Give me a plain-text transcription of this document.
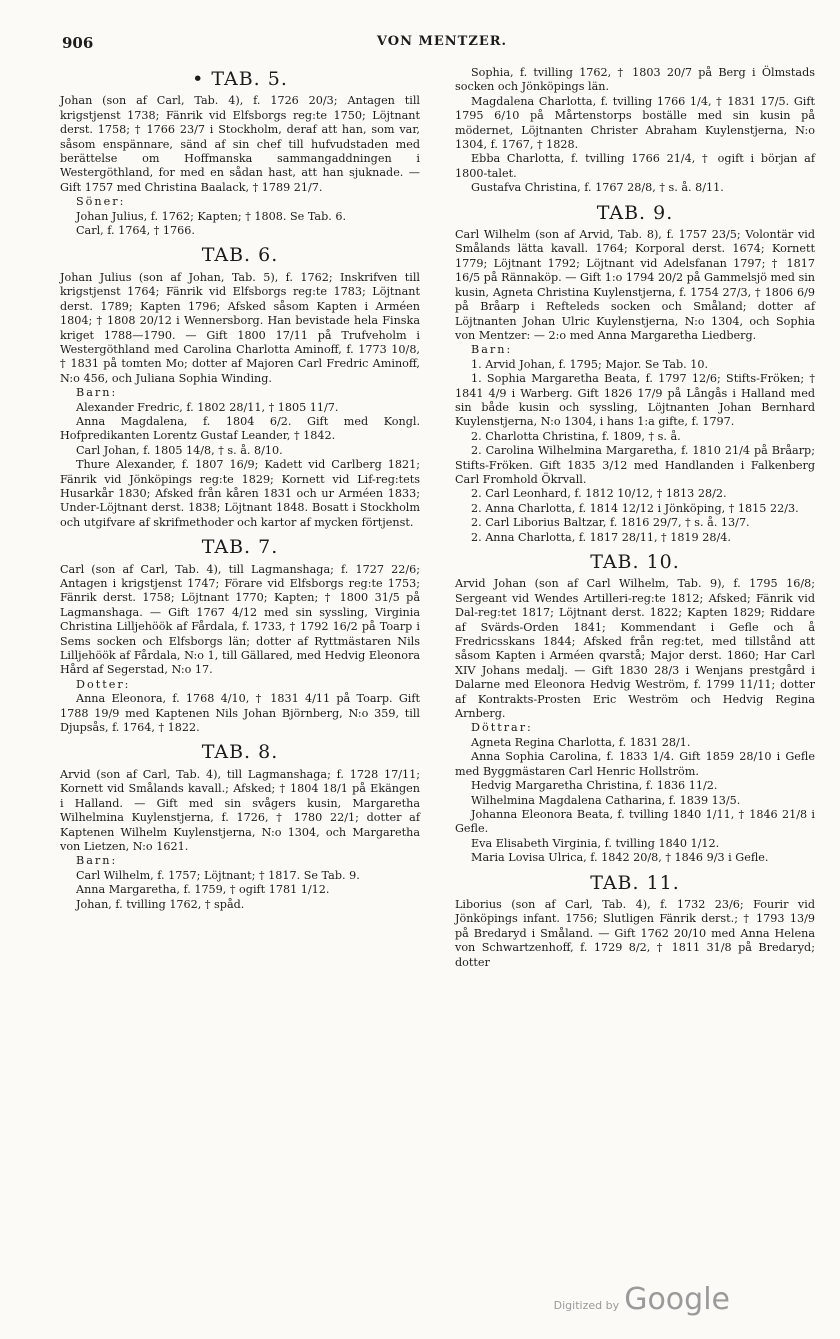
906	VON MENTZER.
• TAB. 5.
Johan (son af Carl, Tab. 4), f. 1726 20/3; Antagen till krigstjenst 1738; Fänrik vid Elfsborgs reg:te 1750; Löjtnant derst. 1758; † 1766 23/7 i Stockholm, deraf att han, som var, såsom enspännare, sänd af sin chef till hufvudstaden med berättelse om Hoffmanska sammangaddningen i Westergöthland, for med en sådan hast, att han sjuknade. — Gift 1757 med Christina Baalack, † 1789 21/7.
Söner:
Johan Julius, f. 1762; Kapten; † 1808. Se Tab. 6.
Carl, f. 1764, † 1766.
TAB. 6.
Johan Julius (son af Johan, Tab. 5), f. 1762; Inskrifven till krigstjenst 1764; Fänrik vid Elfsborgs reg:te 1783; Löjtnant derst. 1789; Kapten 1796; Afsked såsom Kapten i Arméen 1804; † 1808 20/12 i Wennersborg. Han bevistade hela Finska kriget 1788—1790. — Gift 1800 17/11 på Trufveholm i Westergöthland med Carolina Charlotta Aminoff, f. 1773 10/8, † 1831 på tomten Mo; dotter af Majoren Carl Fredric Aminoff, N:o 456, och Juliana Sophia Winding.
Barn:
Alexander Fredric, f. 1802 28/11, † 1805 11/7.
Anna Magdalena, f. 1804 6/2. Gift med Kongl. Hofpredikanten Lorentz Gustaf Leander, † 1842.
Carl Johan, f. 1805 14/8, † s. å. 8/10.
Thure Alexander, f. 1807 16/9; Kadett vid Carlberg 1821; Fänrik vid Jönköpings reg:te 1829; Kornett vid Lif-reg:tets Husarkår 1830; Afsked från kåren 1831 och ur Arméen 1833; Under-Löjtnant derst. 1838; Löjtnant 1848. Bosatt i Stockholm och utgifvare af skrifmethoder och kartor af mycken förtjenst.
TAB. 7.
Carl (son af Carl, Tab. 4), till Lagmanshaga; f. 1727 22/6; Antagen i krigstjenst 1747; Förare vid Elfsborgs reg:te 1753; Fänrik derst. 1758; Löjtnant 1770; Kapten; † 1800 31/5 på Lagmanshaga. — Gift 1767 4/12 med sin syssling, Virginia Christina Lilljehöök af Fårdala, f. 1733, † 1792 16/2 på Toarp i Sems socken och Elfsborgs län; dotter af Ryttmästaren Nils Lilljehöök af Fårdala, N:o 1, till Gällared, med Hedvig Eleonora Hård af Segerstad, N:o 17.
Dotter:
Anna Eleonora, f. 1768 4/10, † 1831 4/11 på Toarp. Gift 1788 19/9 med Kaptenen Nils Johan Björnberg, N:o 359, till Djupsås, f. 1764, † 1822.
TAB. 8.
Arvid (son af Carl, Tab. 4), till Lagmanshaga; f. 1728 17/11; Kornett vid Smålands kavall.; Afsked; † 1804 18/1 på Ekängen i Halland. — Gift med sin svågers kusin, Margaretha Wilhelmina Kuylenstjerna, f. 1726, † 1780 22/1; dotter af Kaptenen Wilhelm Kuylenstjerna, N:o 1304, och Margaretha von Lietzen, N:o 1621.
Barn:
Carl Wilhelm, f. 1757; Löjtnant; † 1817. Se Tab. 9.
Anna Margaretha, f. 1759, † ogift 1781 1/12.
Johan, f. tvilling 1762, † spåd.
Sophia, f. tvilling 1762, † 1803 20/7 på Berg i Ölmstads socken och Jönköpings län.
Magdalena Charlotta, f. tvilling 1766 1/4, † 1831 17/5. Gift 1795 6/10 på Mårtenstorps boställe med sin kusin på mödernet, Löjtnanten Christer Abraham Kuylenstjerna, N:o 1304, f. 1767, † 1828.
Ebba Charlotta, f. tvilling 1766 21/4, † ogift i början af 1800-talet.
Gustafva Christina, f. 1767 28/8, † s. å. 8/11.
TAB. 9.
Carl Wilhelm (son af Arvid, Tab. 8), f. 1757 23/5; Volontär vid Smålands lätta kavall. 1764; Korporal derst. 1674; Kornett 1779; Löjtnant 1792; Löjtnant vid Adelsfanan 1797; † 1817 16/5 på Rännaköp. — Gift 1:o 1794 20/2 på Gammelsjö med sin kusin, Agneta Christina Kuylenstjerna, f. 1754 27/3, † 1806 6/9 på Bråarp i Refteleds socken och Småland; dotter af Löjtnanten Johan Ulric Kuylenstjerna, N:o 1304, och Sophia von Mentzer: — 2:o med Anna Margaretha Liedberg.
Barn:
1. Arvid Johan, f. 1795; Major. Se Tab. 10.
1. Sophia Margaretha Beata, f. 1797 12/6; Stifts-Fröken; † 1841 4/9 i Warberg. Gift 1826 17/9 på Långås i Halland med sin både kusin och syssling, Löjtnanten Johan Bernhard Kuylenstjerna, N:o 1304, i hans 1:a gifte, f. 1797.
2. Charlotta Christina, f. 1809, † s. å.
2. Carolina Wilhelmina Margaretha, f. 1810 21/4 på Bråarp; Stifts-Fröken. Gift 1835 3/12 med Handlanden i Falkenberg Carl Fromhold Ökrvall.
2. Carl Leonhard, f. 1812 10/12, † 1813 28/2.
2. Anna Charlotta, f. 1814 12/12 i Jönköping, † 1815 22/3.
2. Carl Liborius Baltzar, f. 1816 29/7, † s. å. 13/7.
2. Anna Charlotta, f. 1817 28/11, † 1819 28/4.
TAB. 10.
Arvid Johan (son af Carl Wilhelm, Tab. 9), f. 1795 16/8; Sergeant vid Wendes Artilleri-reg:te 1812; Afsked; Fänrik vid Dal-reg:tet 1817; Löjtnant derst. 1822; Kapten 1829; Riddare af Svärds-Orden 1841; Kommendant i Gefle och å Fredricsskans 1844; Afsked från reg:tet, med tillstånd att såsom Kapten i Arméen qvarstå; Major derst. 1860; Har Carl XIV Johans medalj. — Gift 1830 28/3 i Wenjans prestgård i Dalarne med Eleonora Hedvig Weström, f. 1799 11/11; dotter af Kontrakts-Prosten Eric Weström och Hedvig Regina Arnberg.
Döttrar:
Agneta Regina Charlotta, f. 1831 28/1.
Anna Sophia Carolina, f. 1833 1/4. Gift 1859 28/10 i Gefle med Byggmästaren Carl Henric Hollström.
Hedvig Margaretha Christina, f. 1836 11/2.
Wilhelmina Magdalena Catharina, f. 1839 13/5.
Johanna Eleonora Beata, f. tvilling 1840 1/11, † 1846 21/8 i Gefle.
Eva Elisabeth Virginia, f. tvilling 1840 1/12.
Maria Lovisa Ulrica, f. 1842 20/8, † 1846 9/3 i Gefle.
TAB. 11.
Liborius (son af Carl, Tab. 4), f. 1732 23/6; Fourir vid Jönköpings infant. 1756; Slutligen Fänrik derst.; † 1793 13/9 på Bredaryd i Småland. — Gift 1762 20/10 med Anna Helena von Schwartzenhoff, f. 1729 8/2, † 1811 31/8 på Bredaryd; dotter
Digitized by Google
